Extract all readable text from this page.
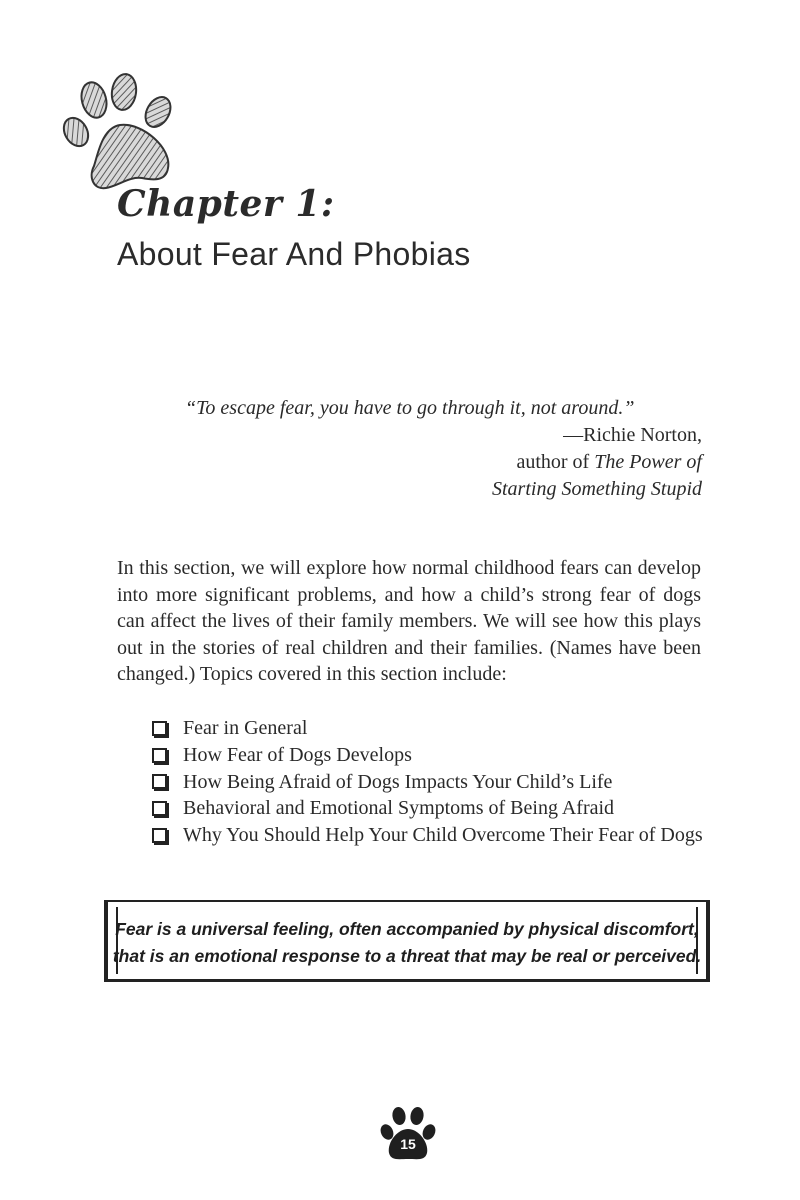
Chapter 1:
About Fear And Phobias
“To escape fear, you have to go through it, not around.”
—Richie Norton,
author of The Power of
Starting Something Stupid

In this section, we will explore how normal childhood fears can develop into more significant problems, and how a child’s strong fear of dogs can affect the lives of their family members. We will see how this plays out in the stories of real children and their families. (Names have been changed.) Topics covered in this section include:

Fear in General
How Fear of Dogs Develops
How Being Afraid of Dogs Impacts Your Child’s Life
Behavioral and Emotional Symptoms of Being Afraid
Why You Should Help Your Child Overcome Their Fear of Dogs

Fear is a universal feeling, often accompanied by physical discomfort,
that is an emotional response to a threat that may be real or perceived.

15
